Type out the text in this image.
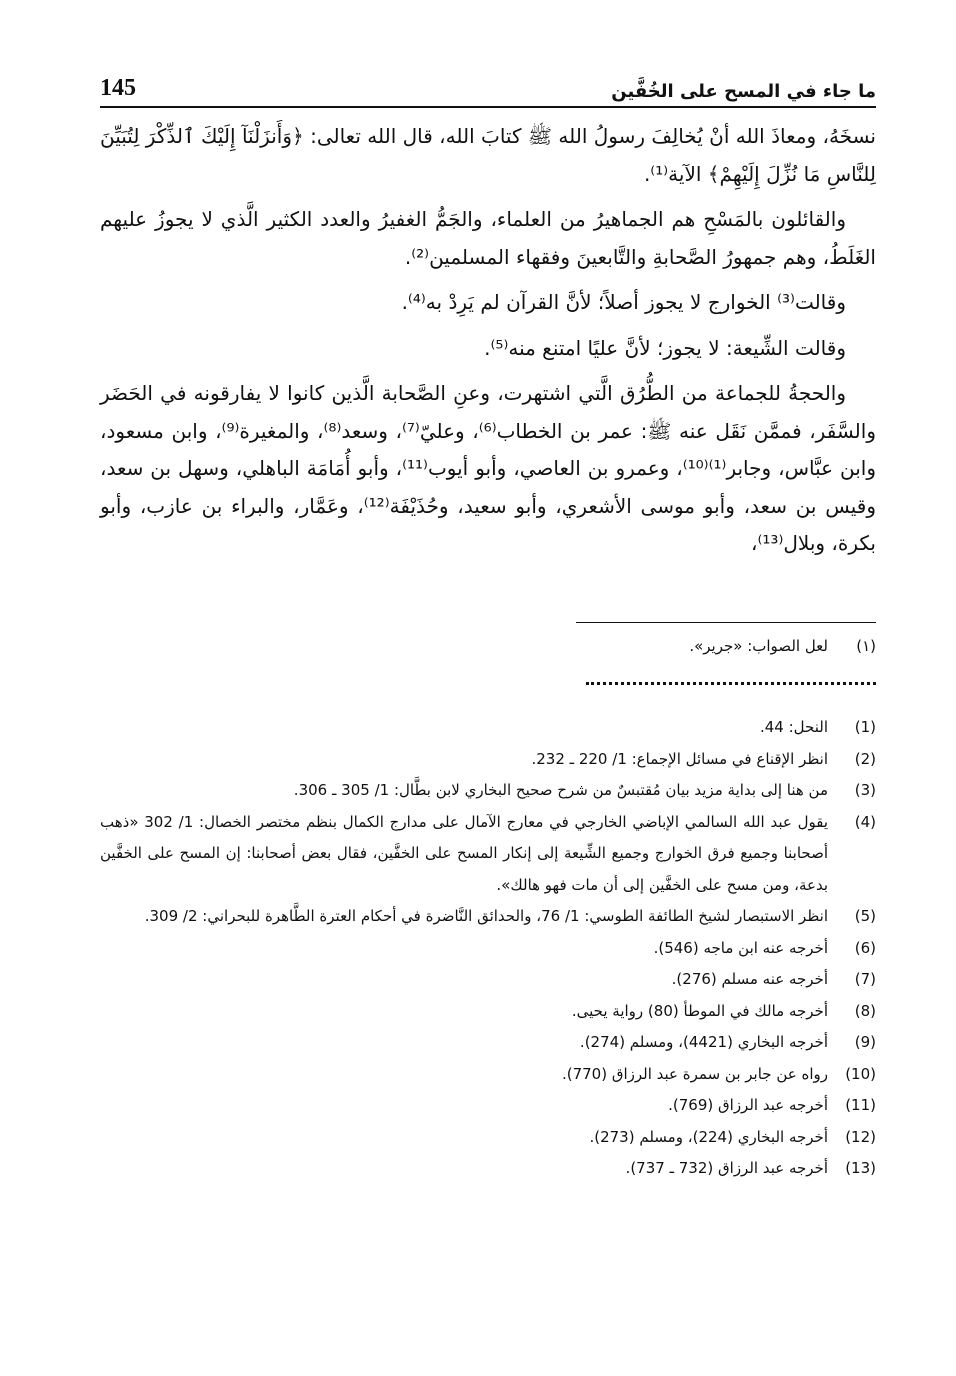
145	ما جاء في المسح على الخُفَّين

نسخَهُ، ومعاذَ الله أنْ يُخالِفَ رسولُ الله ﷺ كتابَ الله، قال الله تعالى: ﴿وَأَنزَلْنَآ إِلَيْكَ ٱلذِّكْرَ لِتُبَيِّنَ لِلنَّاسِ مَا نُزِّلَ إِلَيْهِمْ﴾ الآية⁽¹⁾.

والقائلون بالمَسْحِ هم الجماهيرُ من العلماء، والجَمُّ الغفيرُ والعدد الكثير الَّذي لا يجوزُ عليهم الغَلَطُ، وهم جمهورُ الصَّحابةِ والتَّابعينَ وفقهاء المسلمين⁽²⁾.

وقالت⁽³⁾ الخوارج لا يجوز أصلاً؛ لأنَّ القرآن لم يَرِدْ به⁽⁴⁾.

وقالت الشِّيعة: لا يجوز؛ لأنَّ عليًا امتنع منه⁽⁵⁾.

والحجةُ للجماعة من الطُّرُق الَّتي اشتهرت، وعنِ الصَّحابة الَّذين كانوا لا يفارقونه في الحَضَر والسَّفَر، فممَّن نَقَل عنه ﷺ: عمر بن الخطاب⁽⁶⁾، وعليّ⁽⁷⁾، وسعد⁽⁸⁾، والمغيرة⁽⁹⁾، وابن مسعود، وابن عبَّاس، وجابر⁽¹⁾⁽¹⁰⁾، وعمرو بن العاصي، وأبو أيوب⁽¹¹⁾، وأبو أُمَامَة الباهلي، وسهل بن سعد، وقيس بن سعد، وأبو موسى الأشعري، وأبو سعيد، وحُذَيْفَة⁽¹²⁾، وعَمَّار، والبراء بن عازب، وأبو بكرة، وبلال⁽¹³⁾،

(١)
لعل الصواب: «جرير».
(1)
النحل: 44.
(2)
انظر الإقناع في مسائل الإجماع: 1/ 220 ـ 232.
(3)
من هنا إلى بداية مزيد بيان مُقتبسٌ من شرح صحيح البخاري لابن بطَّال: 1/ 305 ـ 306.
(4)
يقول عبد الله السالمي الإباضي الخارجي في معارج الآمال على مدارج الكمال بنظم مختصر الخصال: 1/ 302 «ذهب أصحابنا وجميع فرق الخوارج وجميع الشِّيعة إلى إنكار المسح على الخفَّين، فقال بعض أصحابنا: إن المسح على الخفَّين بدعة، ومن مسح على الخفَّين إلى أن مات فهو هالك».
(5)
انظر الاستبصار لشيخ الطائفة الطوسي: 1/ 76، والحدائق النَّاضرة في أحكام العترة الطَّاهرة للبحراني: 2/ 309.
(6)
أخرجه عنه ابن ماجه (546).
(7)
أخرجه عنه مسلم (276).
(8)
أخرجه مالك في الموطأ (80) رواية يحيى.
(9)
أخرجه البخاري (4421)، ومسلم (274).
(10)
رواه عن جابر بن سمرة عبد الرزاق (770).
(11)
أخرجه عبد الرزاق (769).
(12)
أخرجه البخاري (224)، ومسلم (273).
(13)
أخرجه عبد الرزاق (732 ـ 737).
